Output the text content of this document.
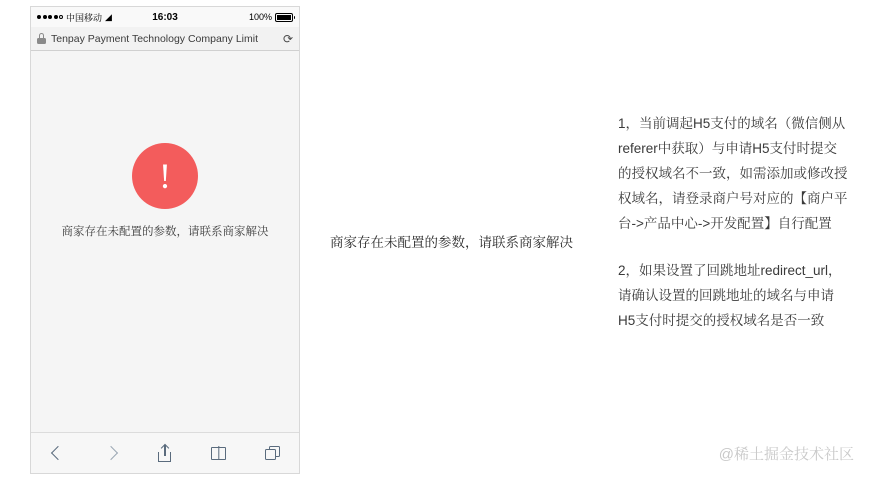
中国移动 ◢	16:03	100%
Tenpay Payment Technology Company Limit	⟳
!
商家存在未配置的参数，请联系商家解决
商家存在未配置的参数，请联系商家解决

1，当前调起H5支付的域名（微信侧从referer中获取）与申请H5支付时提交的授权域名不一致，如需添加或修改授权域名，请登录商户号对应的【商户平台->产品中心->开发配置】自行配置

2，如果设置了回跳地址redirect_url，请确认设置的回跳地址的域名与申请H5支付时提交的授权域名是否一致

@稀土掘金技术社区
